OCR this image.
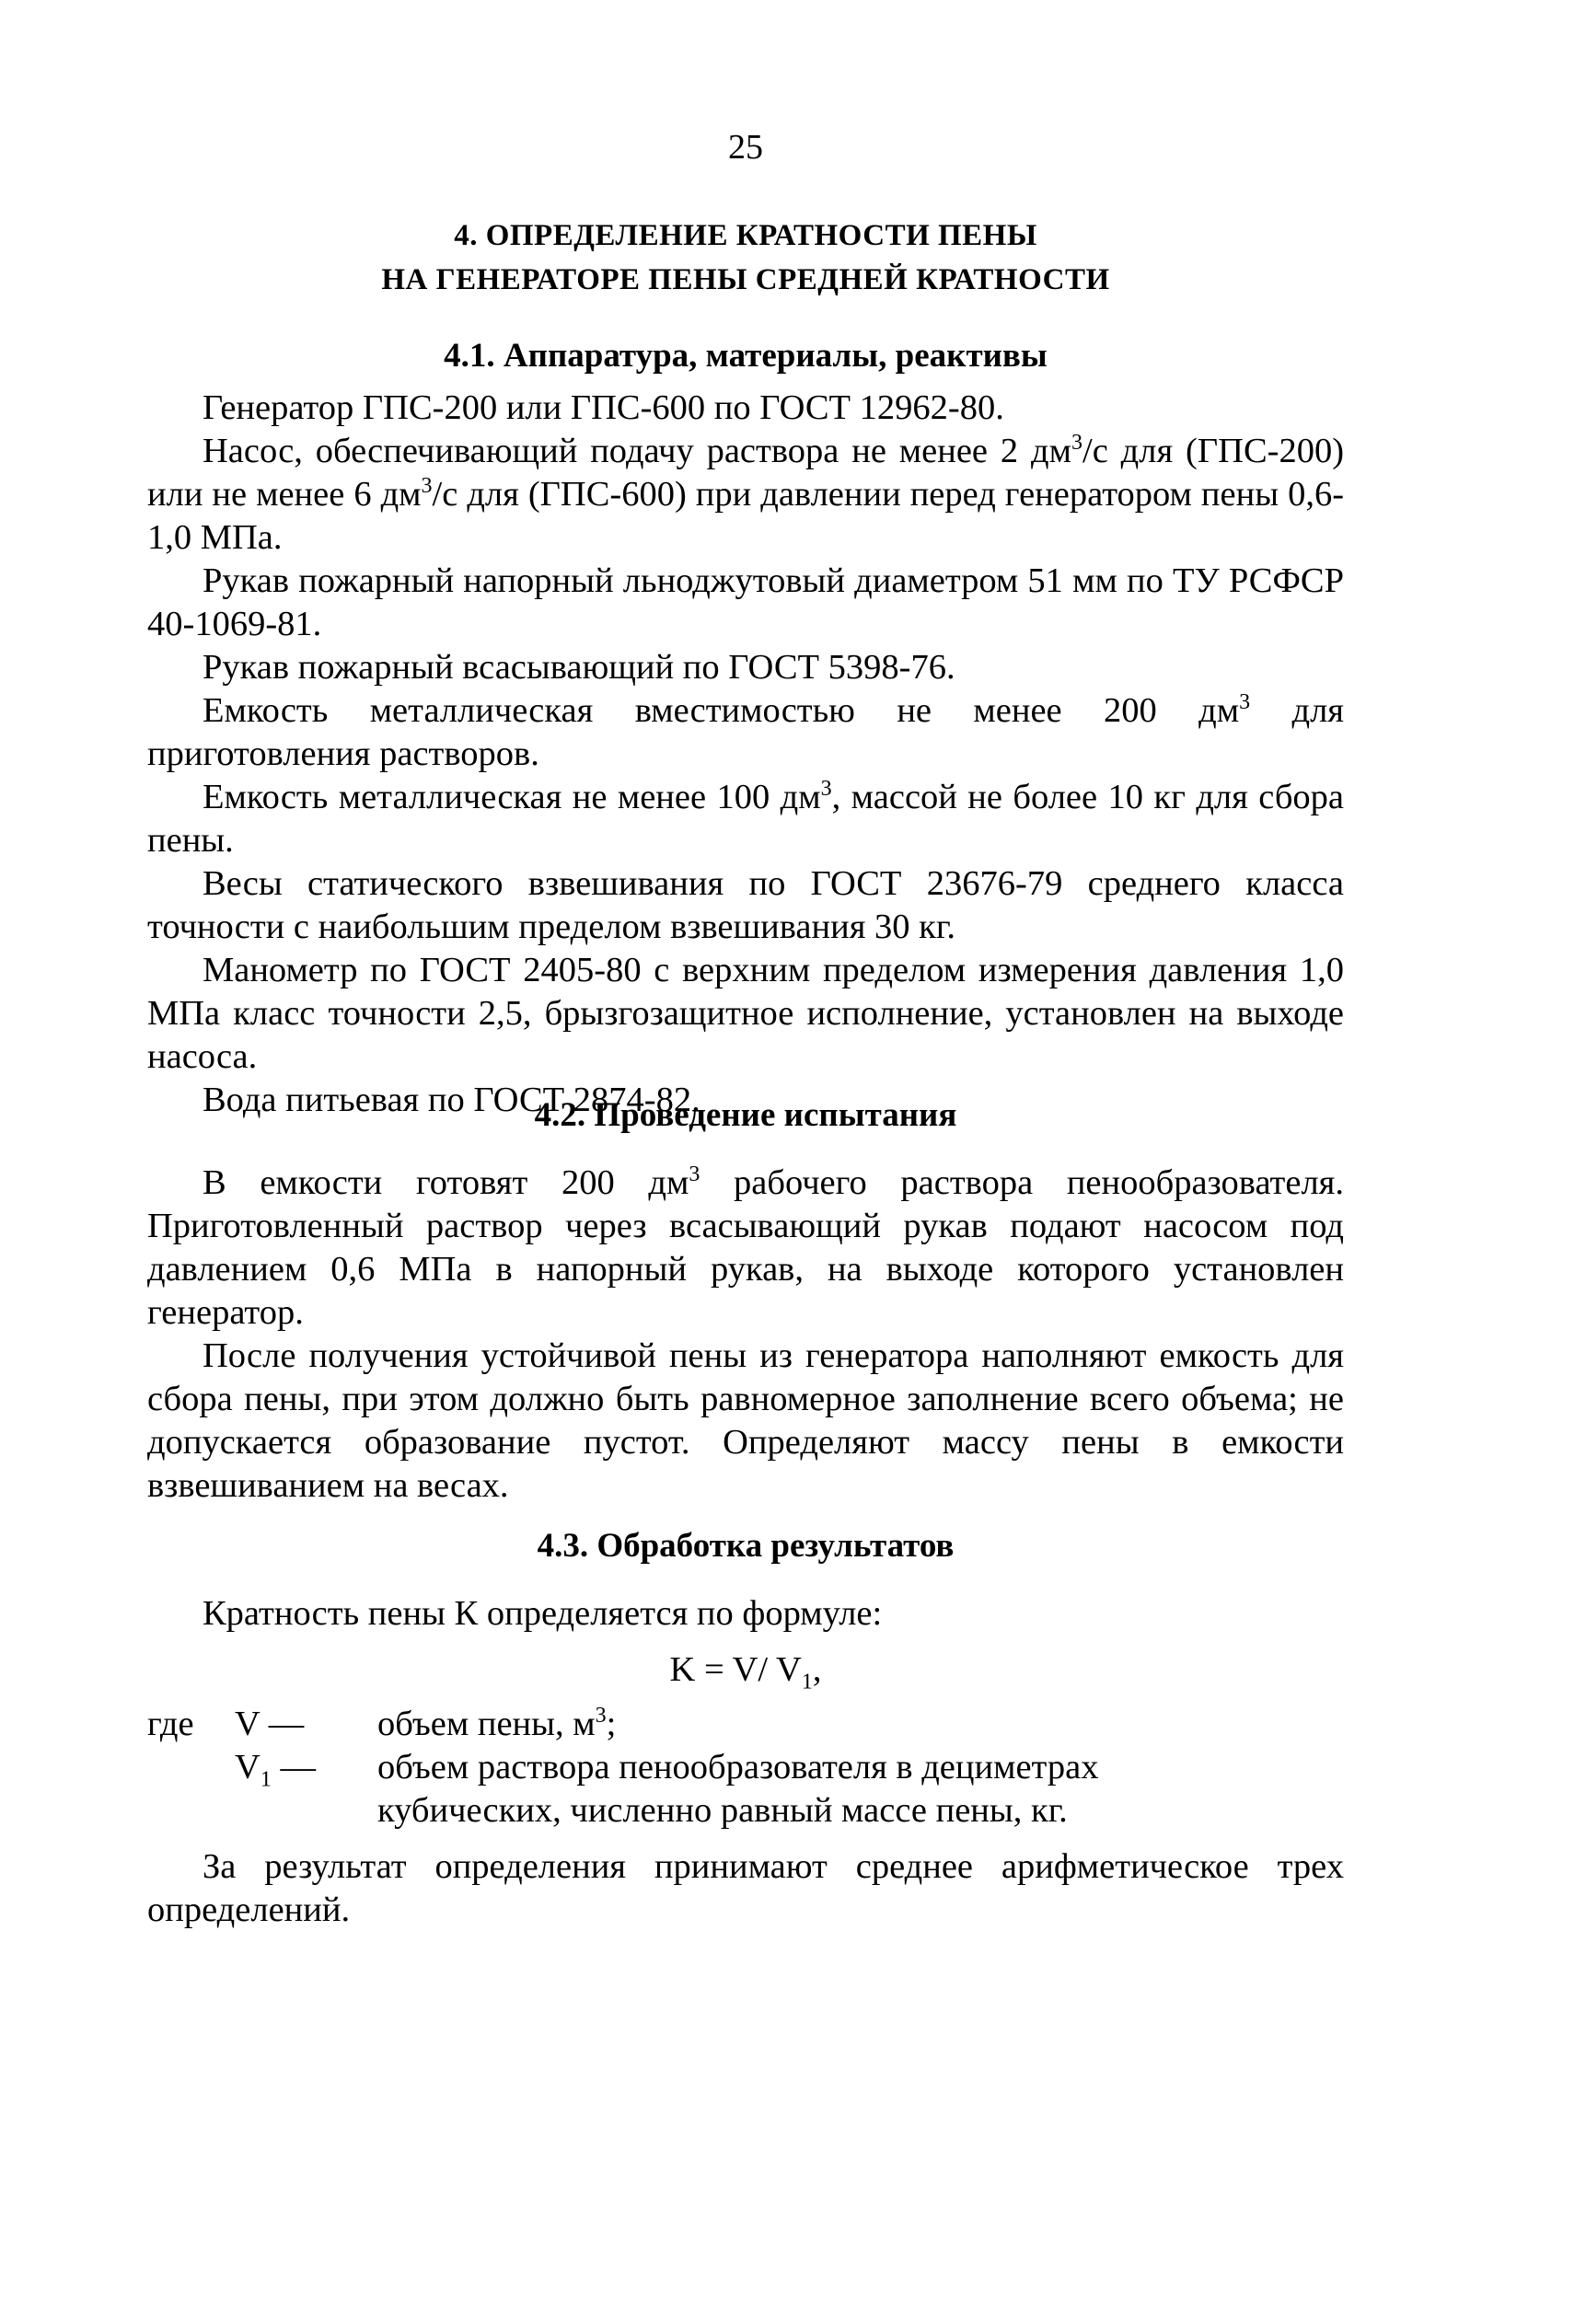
25
4. ОПРЕДЕЛЕНИЕ КРАТНОСТИ ПЕНЫ
НА ГЕНЕРАТОРЕ ПЕНЫ СРЕДНЕЙ КРАТНОСТИ
4.1. Аппаратура, материалы, реактивы

Генератор ГПС-200 или ГПС-600 по ГОСТ 12962-80.

Насос, обеспечивающий подачу раствора не менее 2 $дм^3/с$ для (ГПС-200) или не менее 6 $дм^3/с$ для (ГПС-600) при давлении перед генератором пены 0,6-1,0 МПа.

Рукав пожарный напорный льноджутовый диаметром 51 мм по ТУ РСФСР 40-1069-81.

Рукав пожарный всасывающий по ГОСТ 5398-76.

Емкость металлическая вместимостью не менее 200 $дм^3$ для приготовления растворов.

Емкость металлическая не менее 100 $дм^3$, массой не более 10 кг для сбора пены.

Весы статического взвешивания по ГОСТ 23676-79 среднего класса точности с наибольшим пределом взвешивания 30 кг.

Манометр по ГОСТ 2405-80 с верхним пределом измерения давления 1,0 МПа класс точности 2,5, брызгозащитное исполнение, установлен на выходе насоса.

Вода питьевая по ГОСТ 2874-82.

4.2. Проведение испытания

В емкости готовят 200 $дм^3$ рабочего раствора пенообразователя. Приготовленный раствор через всасывающий рукав подают насосом под давлением 0,6 МПа в напорный рукав, на выходе которого установлен генератор.

После получения устойчивой пены из генератора наполняют емкость для сбора пены, при этом должно быть равномерное заполнение всего объема; не допускается образование пустот. Определяют массу пены в емкости взвешиванием на весах.

4.3. Обработка результатов

Кратность пены К определяется по формуле:

K = V/ $V_1$,
где V — объем пены, $м^3$;
$V_1$ — объем раствора пенообразователя в дециметрах
кубических, численно равный массе пены, кг.

За результат определения принимают среднее арифметическое трех определений.
